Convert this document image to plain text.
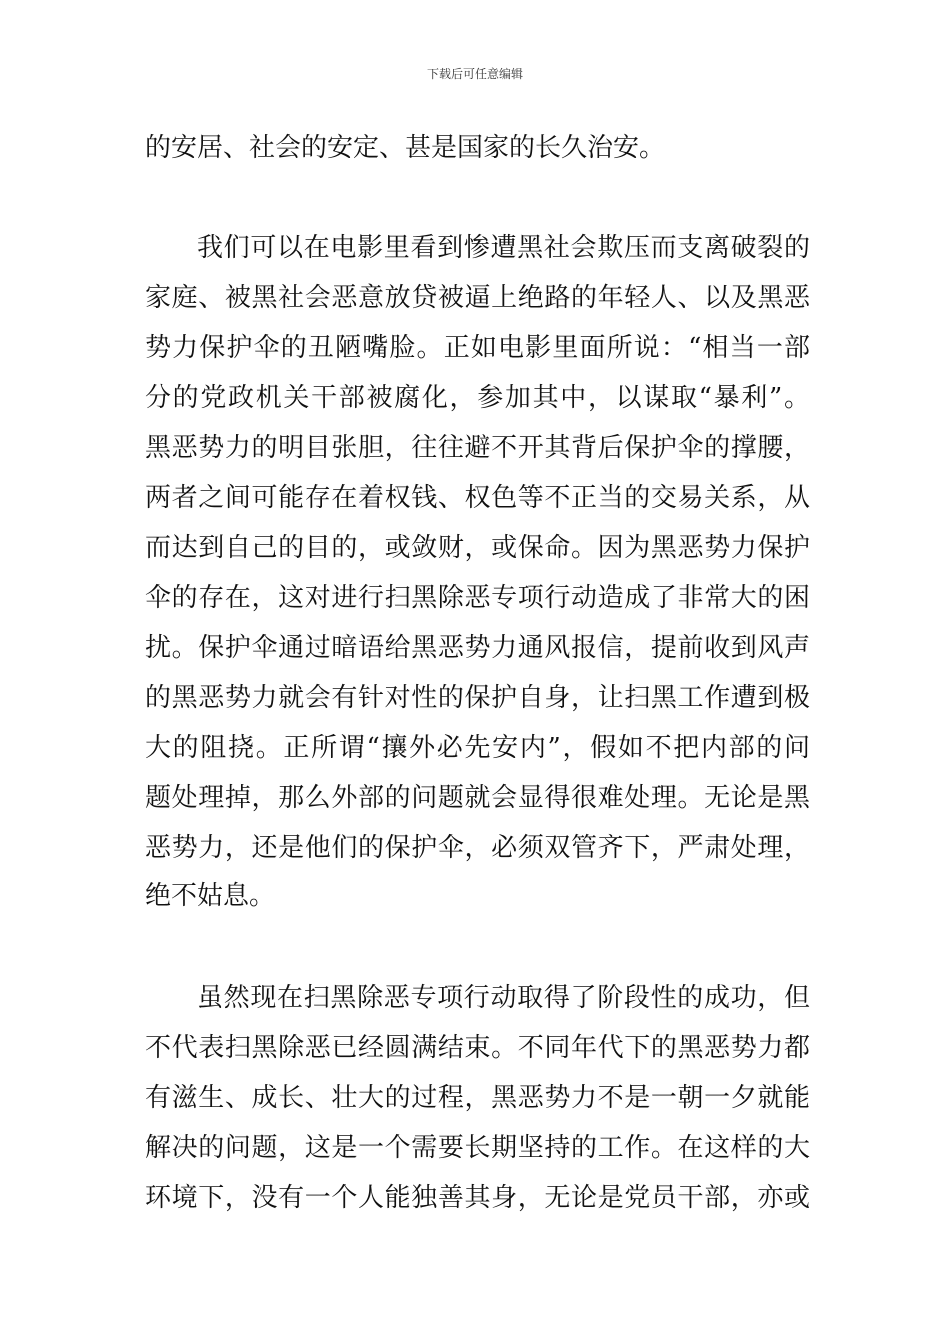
下载后可任意编辑
的安居、社会的安定、甚是国家的长久治安。
我们可以在电影里看到惨遭黑社会欺压而支离破裂的
家庭、被黑社会恶意放贷被逼上绝路的年轻人、以及黑恶
势力保护伞的丑陋嘴脸。正如电影里面所说：“相当一部
分的党政机关干部被腐化，参加其中，以谋取“暴利”。
黑恶势力的明目张胆，往往避不开其背后保护伞的撑腰，
两者之间可能存在着权钱、权色等不正当的交易关系，从
而达到自己的目的，或敛财，或保命。因为黑恶势力保护
伞的存在，这对进行扫黑除恶专项行动造成了非常大的困
扰。保护伞通过暗语给黑恶势力通风报信，提前收到风声
的黑恶势力就会有针对性的保护自身，让扫黑工作遭到极
大的阻挠。正所谓“攘外必先安内”，假如不把内部的问
题处理掉，那么外部的问题就会显得很难处理。无论是黑
恶势力，还是他们的保护伞，必须双管齐下，严肃处理，
绝不姑息。
虽然现在扫黑除恶专项行动取得了阶段性的成功，但
不代表扫黑除恶已经圆满结束。不同年代下的黑恶势力都
有滋生、成长、壮大的过程，黑恶势力不是一朝一夕就能
解决的问题，这是一个需要长期坚持的工作。在这样的大
环境下，没有一个人能独善其身，无论是党员干部，亦或
